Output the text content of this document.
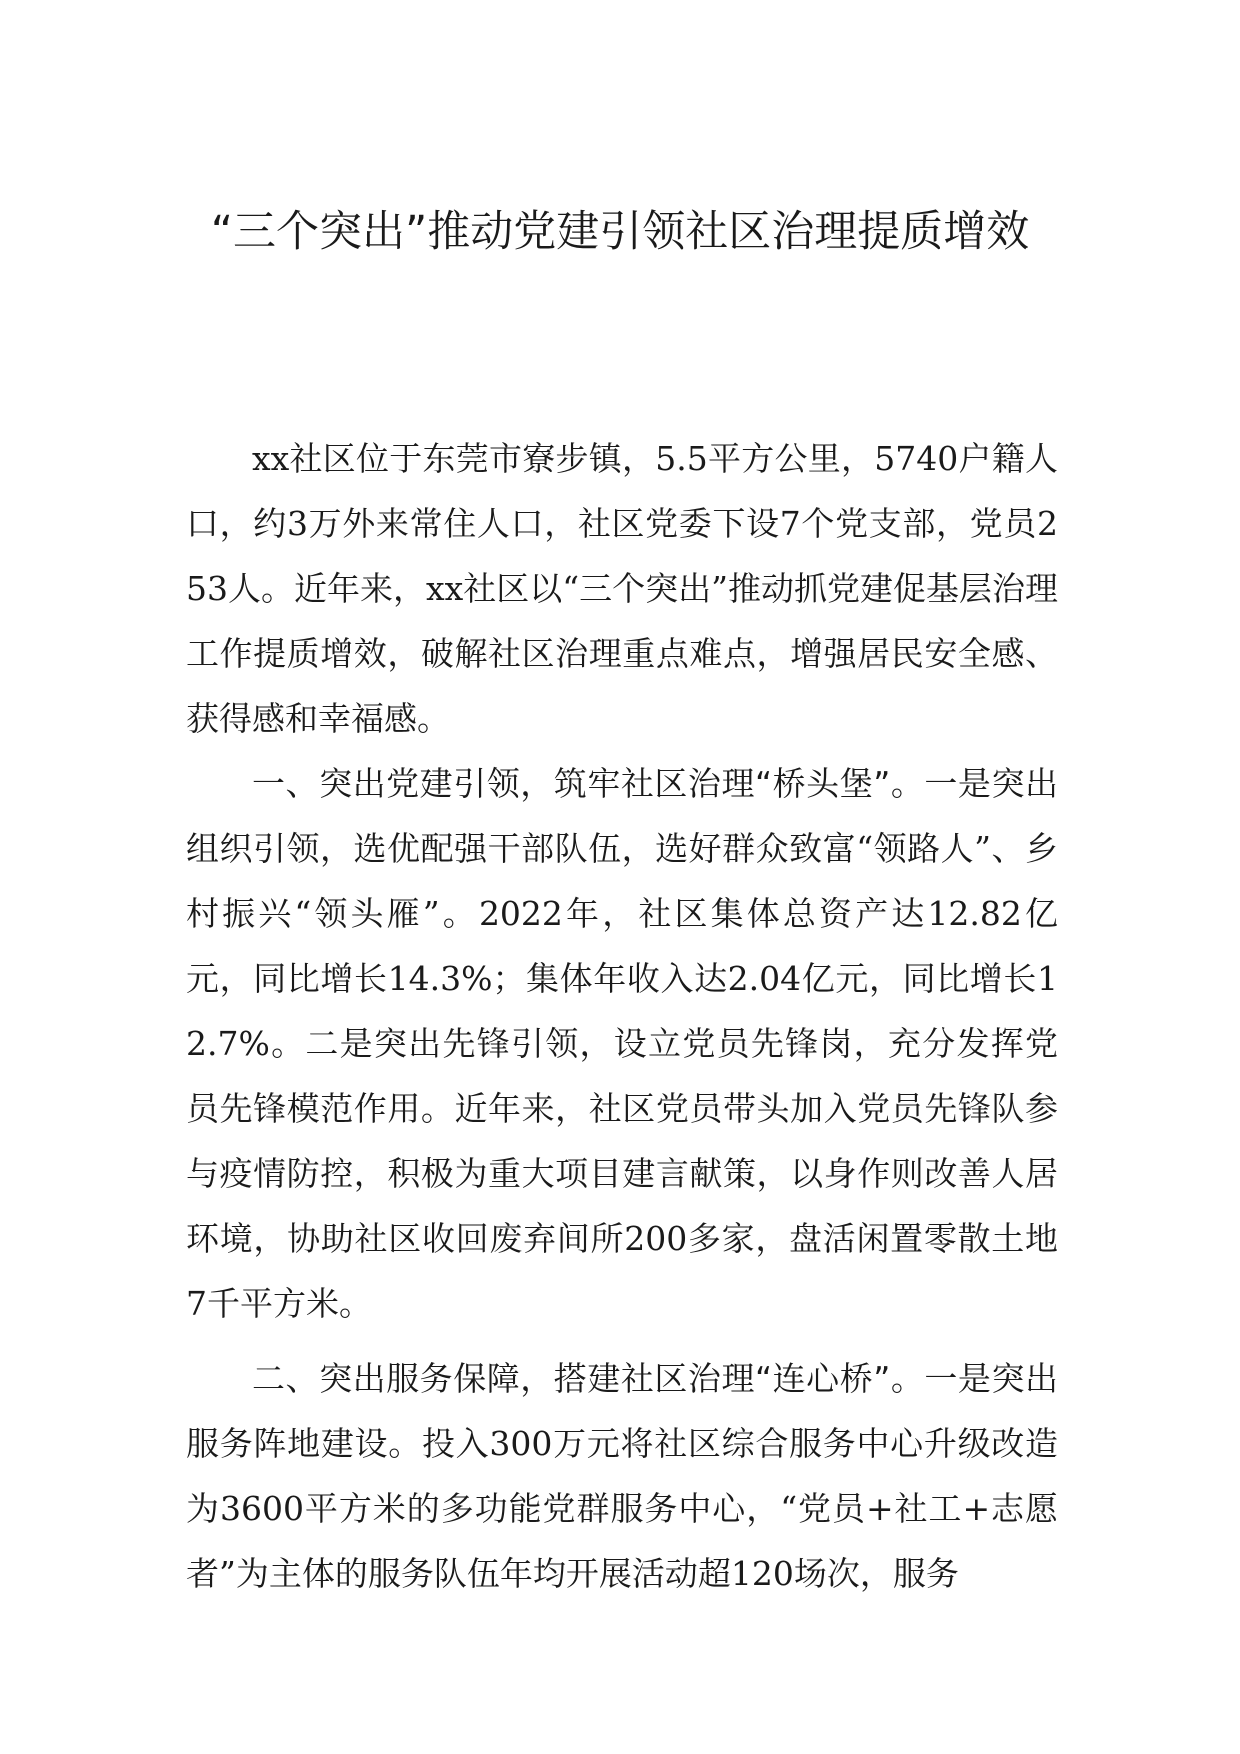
“三个突出”推动党建引领社区治理提质增效

xx社区位于东莞市寮步镇，5.5平方公里，5740户籍人口，约3万外来常住人口，社区党委下设7个党支部，党员253人。近年来，xx社区以“三个突出”推动抓党建促基层治理工作提质增效，破解社区治理重点难点，增强居民安全感、获得感和幸福感。

一、突出党建引领，筑牢社区治理“桥头堡”。一是突出组织引领，选优配强干部队伍，选好群众致富“领路人”、乡村振兴“领头雁”。2022年，社区集体总资产达12.82亿元，同比增长14.3%；集体年收入达2.04亿元，同比增长12.7%。二是突出先锋引领，设立党员先锋岗，充分发挥党员先锋模范作用。近年来，社区党员带头加入党员先锋队参与疫情防控，积极为重大项目建言献策，以身作则改善人居环境，协助社区收回废弃间所200多家，盘活闲置零散土地7千平方米。

二、突出服务保障，搭建社区治理“连心桥”。一是突出服务阵地建设。投入300万元将社区综合服务中心升级改造为3600平方米的多功能党群服务中心，“党员+社工+志愿者”为主体的服务队伍年均开展活动超120场次，服务
